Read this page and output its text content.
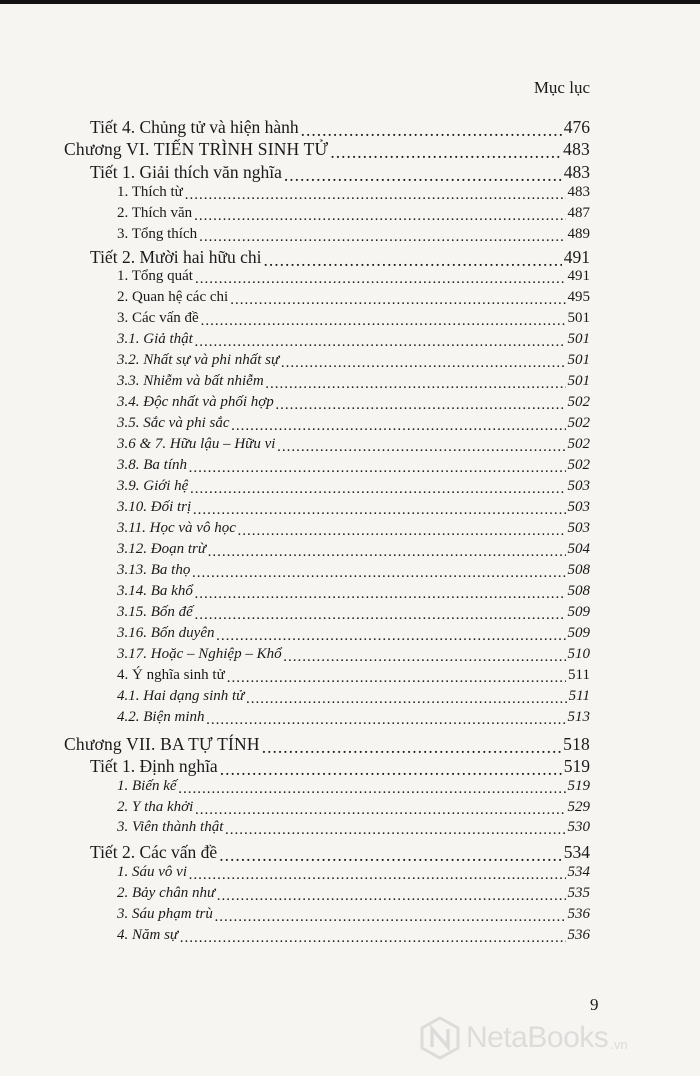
Mục lục
Tiết 4. Chủng tử và hiện hành .....	476
Chương VI. TIẾN TRÌNH SINH TỬ .....	483
Tiết 1. Giải thích văn nghĩa .....	483
1. Thích từ .....	483
2. Thích văn .....	487
3. Tổng thích .....	489
Tiết 2. Mười hai hữu chi .....	491
1. Tổng quát .....	491
2. Quan hệ các chi .....	495
3. Các vấn đề .....	501
3.1. Giả thật .....	501
3.2. Nhất sự và phi nhất sự .....	501
3.3. Nhiễm và bất nhiễm .....	501
3.4. Độc nhất và phối hợp .....	502
3.5. Sắc và phi sắc .....	502
3.6 & 7. Hữu lậu – Hữu vi .....	502
3.8. Ba tính .....	502
3.9. Giới hệ .....	503
3.10. Đối trị .....	503
3.11. Học và vô học .....	503
3.12. Đoạn trừ .....	504
3.13. Ba thọ .....	508
3.14. Ba khổ .....	508
3.15. Bốn đế .....	509
3.16. Bốn duyên .....	509
3.17. Hoặc – Nghiệp – Khổ .....	510
4. Ý nghĩa sinh tử .....	511
4.1. Hai dạng sinh tử .....	511
4.2. Biện minh .....	513
Chương VII. BA TỰ TÍNH .....	518
Tiết 1. Định nghĩa .....	519
1. Biến kế .....	519
2. Y tha khởi .....	529
3. Viên thành thật .....	530
Tiết 2. Các vấn đề .....	534
1. Sáu vô vi .....	534
2. Bảy chân như .....	535
3. Sáu phạm trù .....	536
4. Năm sự .....	536
9
NetaBooks .vn
